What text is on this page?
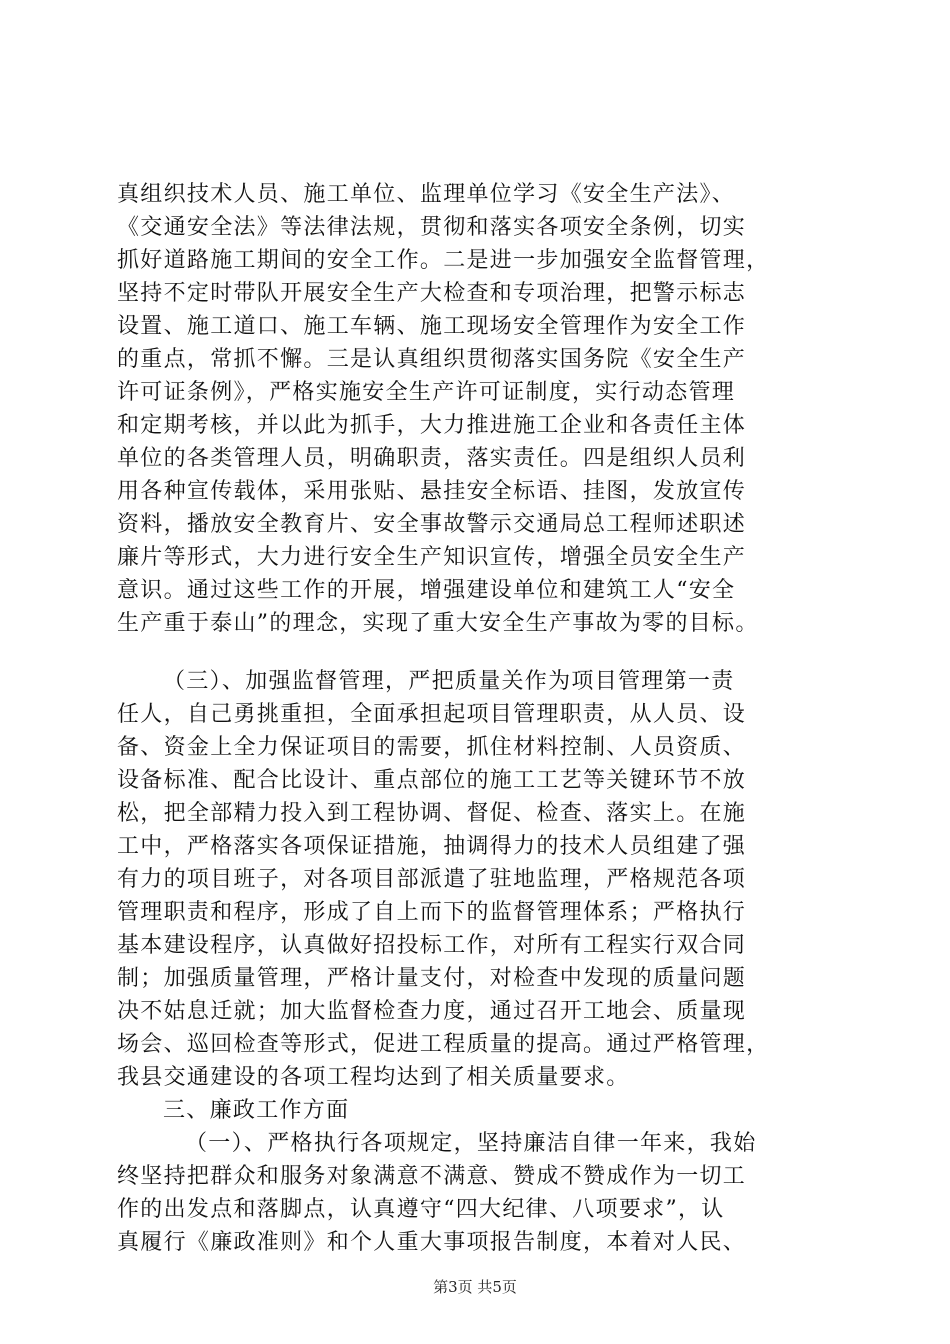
真组织技术人员、施工单位、监理单位学习《安全生产法》、
《交通安全法》等法律法规，贯彻和落实各项安全条例，切实
抓好道路施工期间的安全工作。二是进一步加强安全监督管理，
坚持不定时带队开展安全生产大检查和专项治理，把警示标志
设置、施工道口、施工车辆、施工现场安全管理作为安全工作
的重点，常抓不懈。三是认真组织贯彻落实国务院《安全生产
许可证条例》，严格实施安全生产许可证制度，实行动态管理
和定期考核，并以此为抓手，大力推进施工企业和各责任主体
单位的各类管理人员，明确职责，落实责任。四是组织人员利
用各种宣传载体，采用张贴、悬挂安全标语、挂图，发放宣传
资料，播放安全教育片、安全事故警示交通局总工程师述职述
廉片等形式，大力进行安全生产知识宣传，增强全员安全生产
意识。通过这些工作的开展，增强建设单位和建筑工人“安全
生产重于泰山”的理念，实现了重大安全生产事故为零的目标。
（三）、加强监督管理，严把质量关作为项目管理第一责
任人，自己勇挑重担，全面承担起项目管理职责，从人员、设
备、资金上全力保证项目的需要，抓住材料控制、人员资质、
设备标准、配合比设计、重点部位的施工工艺等关键环节不放
松，把全部精力投入到工程协调、督促、检查、落实上。在施
工中，严格落实各项保证措施，抽调得力的技术人员组建了强
有力的项目班子，对各项目部派遣了驻地监理，严格规范各项
管理职责和程序，形成了自上而下的监督管理体系；严格执行
基本建设程序，认真做好招投标工作，对所有工程实行双合同
制；加强质量管理，严格计量支付，对检查中发现的质量问题
决不姑息迁就；加大监督检查力度，通过召开工地会、质量现
场会、巡回检查等形式，促进工程质量的提高。通过严格管理，
我县交通建设的各项工程均达到了相关质量要求。
三、廉政工作方面
（一）、严格执行各项规定，坚持廉洁自律一年来，我始
终坚持把群众和服务对象满意不满意、赞成不赞成作为一切工
作的出发点和落脚点，认真遵守“四大纪律、八项要求”，认
真履行《廉政准则》和个人重大事项报告制度，本着对人民、
第3页 共5页
